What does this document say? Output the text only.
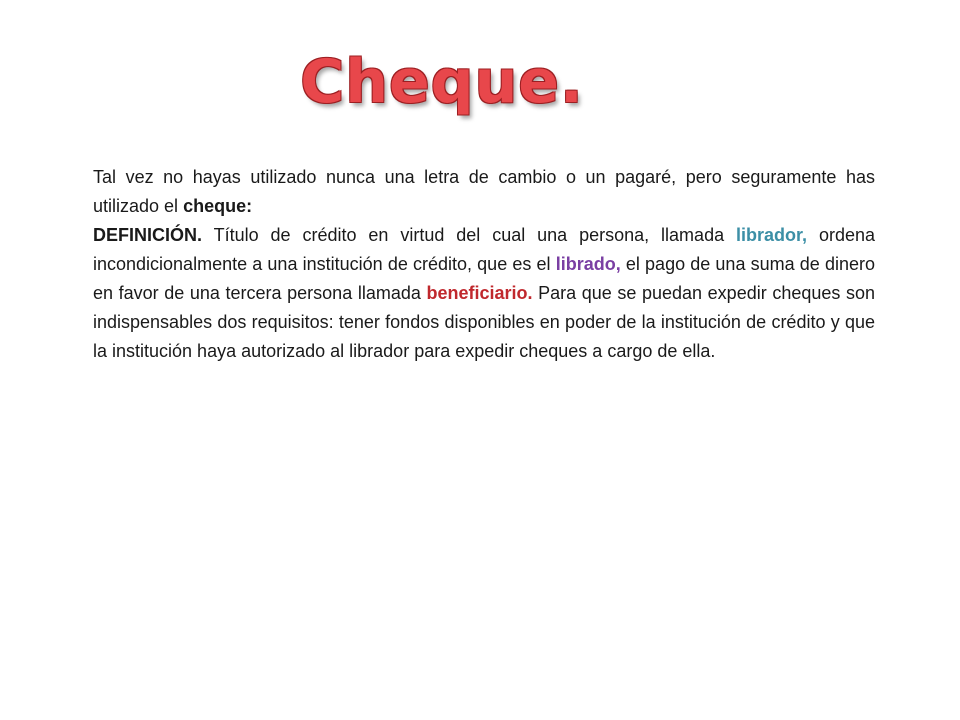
Cheque.

Tal vez no hayas utilizado nunca una letra de cambio o un pagaré, pero seguramente has utilizado el cheque:

DEFINICIÓN. Título de crédito en virtud del cual una persona, llamada librador, ordena incondicionalmente a una institución de crédito, que es el librado, el pago de una suma de dinero en favor de una tercera persona llamada beneficiario. Para que se puedan expedir cheques son indispensables dos requisitos: tener fondos disponibles en poder de la institución de crédito y que la institución haya autorizado al librador para expedir cheques a cargo de ella.
